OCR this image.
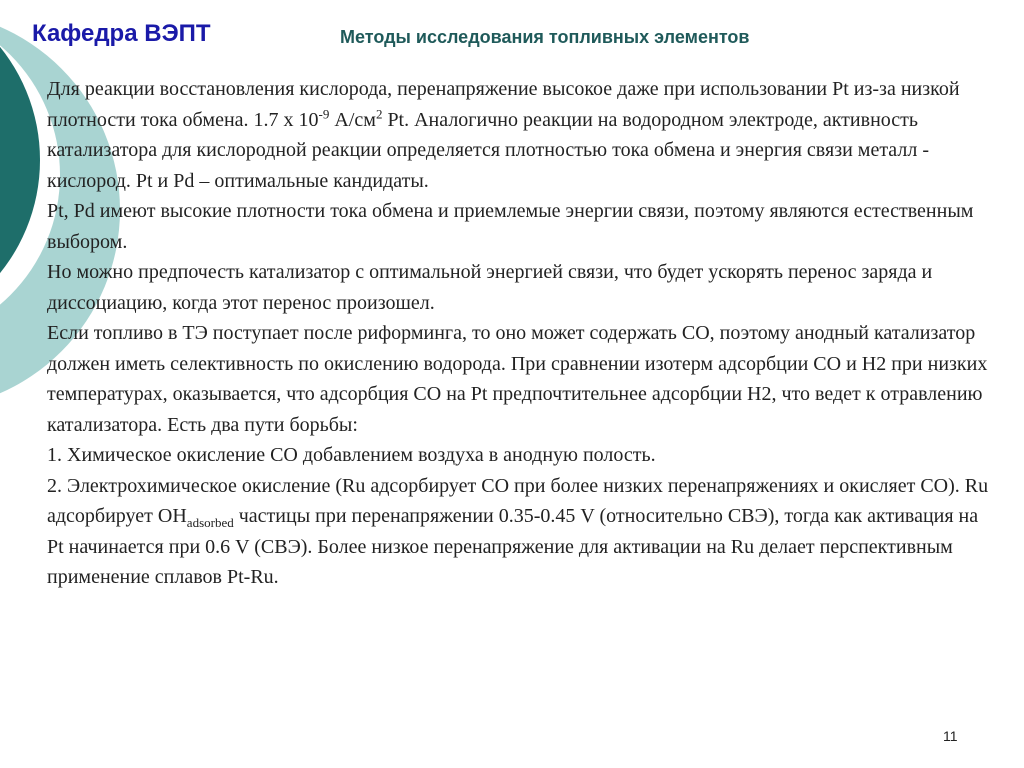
Кафедра ВЭПТ	Методы исследования топливных элементов

Для реакции восстановления кислорода, перенапряжение высокое даже при использовании Pt из-за низкой плотности тока обмена. 1.7 х $10^{-9}$ $А/см^2$ Pt. Аналогично реакции на водородном электроде, активность катализатора для кислородной реакции определяется плотностью тока обмена и энергия связи металл - кислород. Pt и Pd – оптимальные кандидаты.

Pt, Pd имеют высокие плотности тока обмена и приемлемые энергии связи, поэтому являются естественным выбором.

Но можно предпочесть катализатор с оптимальной энергией связи, что будет ускорять перенос заряда и диссоциацию, когда этот перенос произошел.

Если топливо в ТЭ поступает после риформинга, то оно может содержать CO, поэтому анодный катализатор должен иметь селективность по окислению водорода. При сравнении изотерм адсорбции CO и H2 при низких температурах, оказывается, что адсорбция CO на Pt предпочтительнее адсорбции H2, что ведет к отравлению катализатора. Есть два пути борьбы:

1. Химическое окисление CO добавлением воздуха в анодную полость.

2. Электрохимическое окисление (Ru адсорбирует CO при более низких перенапряжениях и окисляет CO). Ru адсорбирует $OH_{adsorbed}$ частицы при перенапряжении 0.35-0.45 V (относительно СВЭ), тогда как активация на Pt начинается при 0.6 V (СВЭ). Более низкое перенапряжение для активации на Ru делает перспективным применение сплавов Pt-Ru.

11
